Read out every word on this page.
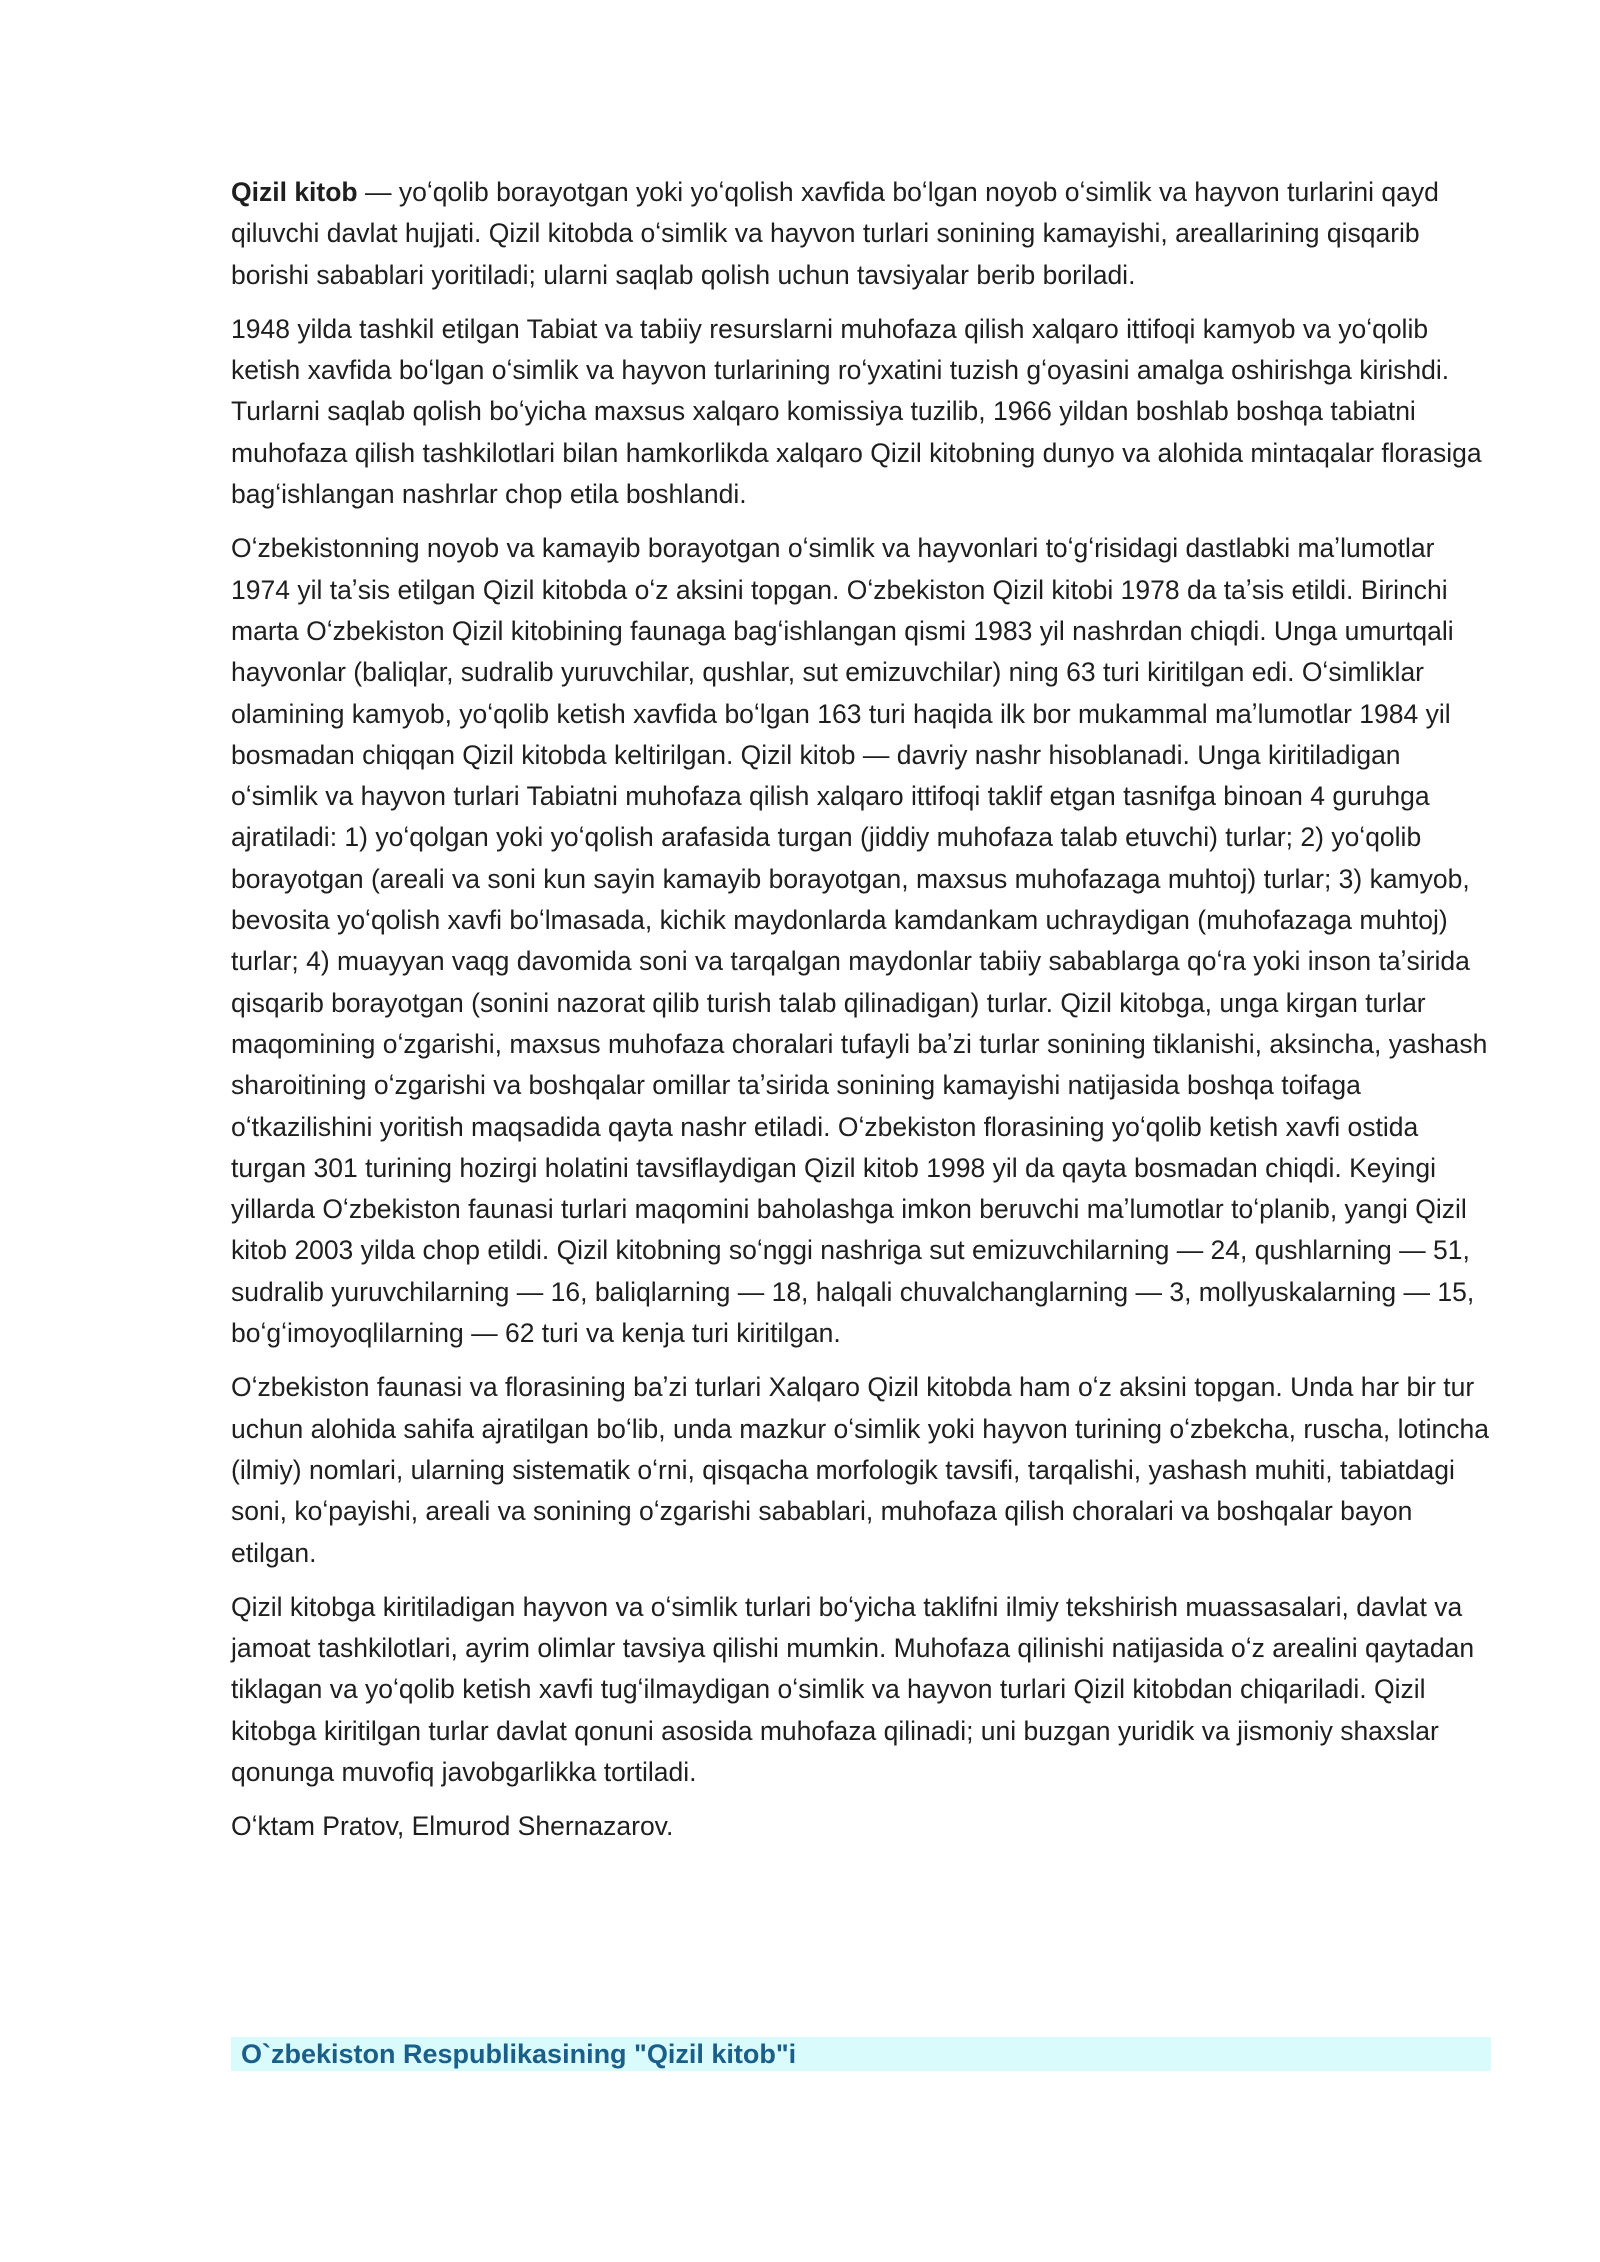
Qizil kitob — yoʻqolib borayotgan yoki yoʻqolish xavfida boʻlgan noyob oʻsimlik va hayvon turlarini qayd qiluvchi davlat hujjati. Qizil kitobda oʻsimlik va hayvon turlari sonining kamayishi, areallarining qisqarib borishi sabablari yoritiladi; ularni saqlab qolish uchun tavsiyalar berib boriladi.

1948 yilda tashkil etilgan Tabiat va tabiiy resurslarni muhofaza qilish xalqaro ittifoqi kamyob va yoʻqolib ketish xavfida boʻlgan oʻsimlik va hayvon turlarining roʻyxatini tuzish gʻoyasini amalga oshirishga kirishdi. Turlarni saqlab qolish boʻyicha maxsus xalqaro komissiya tuzilib, 1966 yildan boshlab boshqa tabiatni muhofaza qilish tashkilotlari bilan hamkorlikda xalqaro Qizil kitobning dunyo va alohida mintaqalar florasiga bagʻishlangan nashrlar chop etila boshlandi.

Oʻzbekistonning noyob va kamayib borayotgan oʻsimlik va hayvonlari toʻgʻrisidagi dastlabki maʼlumotlar 1974 yil taʼsis etilgan Qizil kitobda oʻz aksini topgan. Oʻzbekiston Qizil kitobi 1978 da taʼsis etildi. Birinchi marta Oʻzbekiston Qizil kitobining faunaga bagʻishlangan qismi 1983 yil nashrdan chiqdi. Unga umurtqali hayvonlar (baliqlar, sudralib yuruvchilar, qushlar, sut emizuvchilar) ning 63 turi kiritilgan edi. Oʻsimliklar olamining kamyob, yoʻqolib ketish xavfida boʻlgan 163 turi haqida ilk bor mukammal maʼlumotlar 1984 yil bosmadan chiqqan Qizil kitobda keltirilgan. Qizil kitob — davriy nashr hisoblanadi. Unga kiritiladigan oʻsimlik va hayvon turlari Tabiatni muhofaza qilish xalqaro ittifoqi taklif etgan tasnifga binoan 4 guruhga ajratiladi: 1) yoʻqolgan yoki yoʻqolish arafasida turgan (jiddiy muhofaza talab etuvchi) turlar; 2) yoʻqolib borayotgan (areali va soni kun sayin kamayib borayotgan, maxsus muhofazaga muhtoj) turlar; 3) kamyob, bevosita yoʻqolish xavfi boʻlmasada, kichik maydonlarda kamdankam uchraydigan (muhofazaga muhtoj) turlar; 4) muayyan vaqg davomida soni va tarqalgan maydonlar tabiiy sabablarga qoʻra yoki inson taʼsirida qisqarib borayotgan (sonini nazorat qilib turish talab qilinadigan) turlar. Qizil kitobga, unga kirgan turlar maqomining oʻzgarishi, maxsus muhofaza choralari tufayli baʼzi turlar sonining tiklanishi, aksincha, yashash sharoitining oʻzgarishi va boshqalar omillar taʼsirida sonining kamayishi natijasida boshqa toifaga oʻtkazilishini yoritish maqsadida qayta nashr etiladi. Oʻzbekiston florasining yoʻqolib ketish xavfi ostida turgan 301 turining hozirgi holatini tavsiflaydigan Qizil kitob 1998 yil da qayta bosmadan chiqdi. Keyingi yillarda Oʻzbekiston faunasi turlari maqomini baholashga imkon beruvchi maʼlumotlar toʻplanib, yangi Qizil kitob 2003 yilda chop etildi. Qizil kitobning soʻnggi nashriga sut emizuvchilarning — 24, qushlarning — 51, sudralib yuruvchilarning — 16, baliqlarning — 18, halqali chuvalchanglarning — 3, mollyuskalarning — 15, boʻgʻimoyoqlilarning — 62 turi va kenja turi kiritilgan.

Oʻzbekiston faunasi va florasining baʼzi turlari Xalqaro Qizil kitobda ham oʻz aksini topgan. Unda har bir tur uchun alohida sahifa ajratilgan boʻlib, unda mazkur oʻsimlik yoki hayvon turining oʻzbekcha, ruscha, lotincha (ilmiy) nomlari, ularning sistematik oʻrni, qisqacha morfologik tavsifi, tarqalishi, yashash muhiti, tabiatdagi soni, koʻpayishi, areali va sonining oʻzgarishi sabablari, muhofaza qilish choralari va boshqalar bayon etilgan.

Qizil kitobga kiritiladigan hayvon va oʻsimlik turlari boʻyicha taklifni ilmiy tekshirish muassasalari, davlat va jamoat tashkilotlari, ayrim olimlar tavsiya qilishi mumkin. Muhofaza qilinishi natijasida oʻz arealini qaytadan tiklagan va yoʻqolib ketish xavfi tugʻilmaydigan oʻsimlik va hayvon turlari Qizil kitobdan chiqariladi. Qizil kitobga kiritilgan turlar davlat qonuni asosida muhofaza qilinadi; uni buzgan yuridik va jismoniy shaxslar qonunga muvofiq javobgarlikka tortiladi.

Oʻktam Pratov, Elmurod Shernazarov.

O`zbekiston Respublikasining "Qizil kitob"i
